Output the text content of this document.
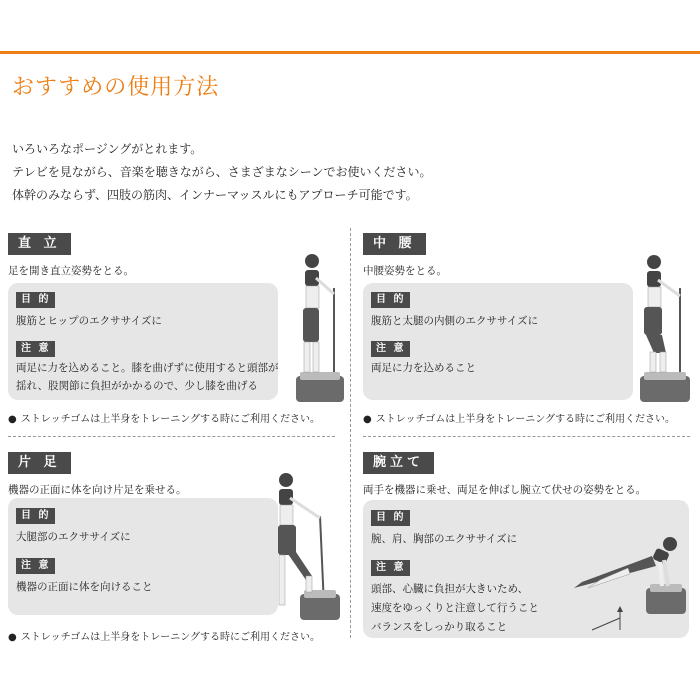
おすすめの使用方法
いろいろなポージングがとれます。
テレビを見ながら、音楽を聴きながら、さまざまなシーンでお使いください。
体幹のみならず、四肢の筋肉、インナーマッスルにもアプローチ可能です。
直 立
足を開き直立姿勢をとる。
目 的
腹筋とヒップのエクササイズに
注 意
両足に力を込めること。膝を曲げずに使用すると頭部が
揺れ、股関節に負担がかかるので、少し膝を曲げる
● ストレッチゴムは上半身をトレーニングする時にご利用ください。
中 腰
中腰姿勢をとる。
目 的
腹筋と太腿の内側のエクササイズに
注 意
両足に力を込めること
● ストレッチゴムは上半身をトレーニングする時にご利用ください。
片 足
機器の正面に体を向け片足を乗せる。
目 的
大腿部のエクササイズに
注 意
機器の正面に体を向けること
● ストレッチゴムは上半身をトレーニングする時にご利用ください。
腕立て
両手を機器に乗せ、両足を伸ばし腕立て伏せの姿勢をとる。
目 的
腕、肩、胸部のエクササイズに
注 意
頭部、心臓に負担が大きいため、
速度をゆっくりと注意して行うこと
バランスをしっかり取ること
